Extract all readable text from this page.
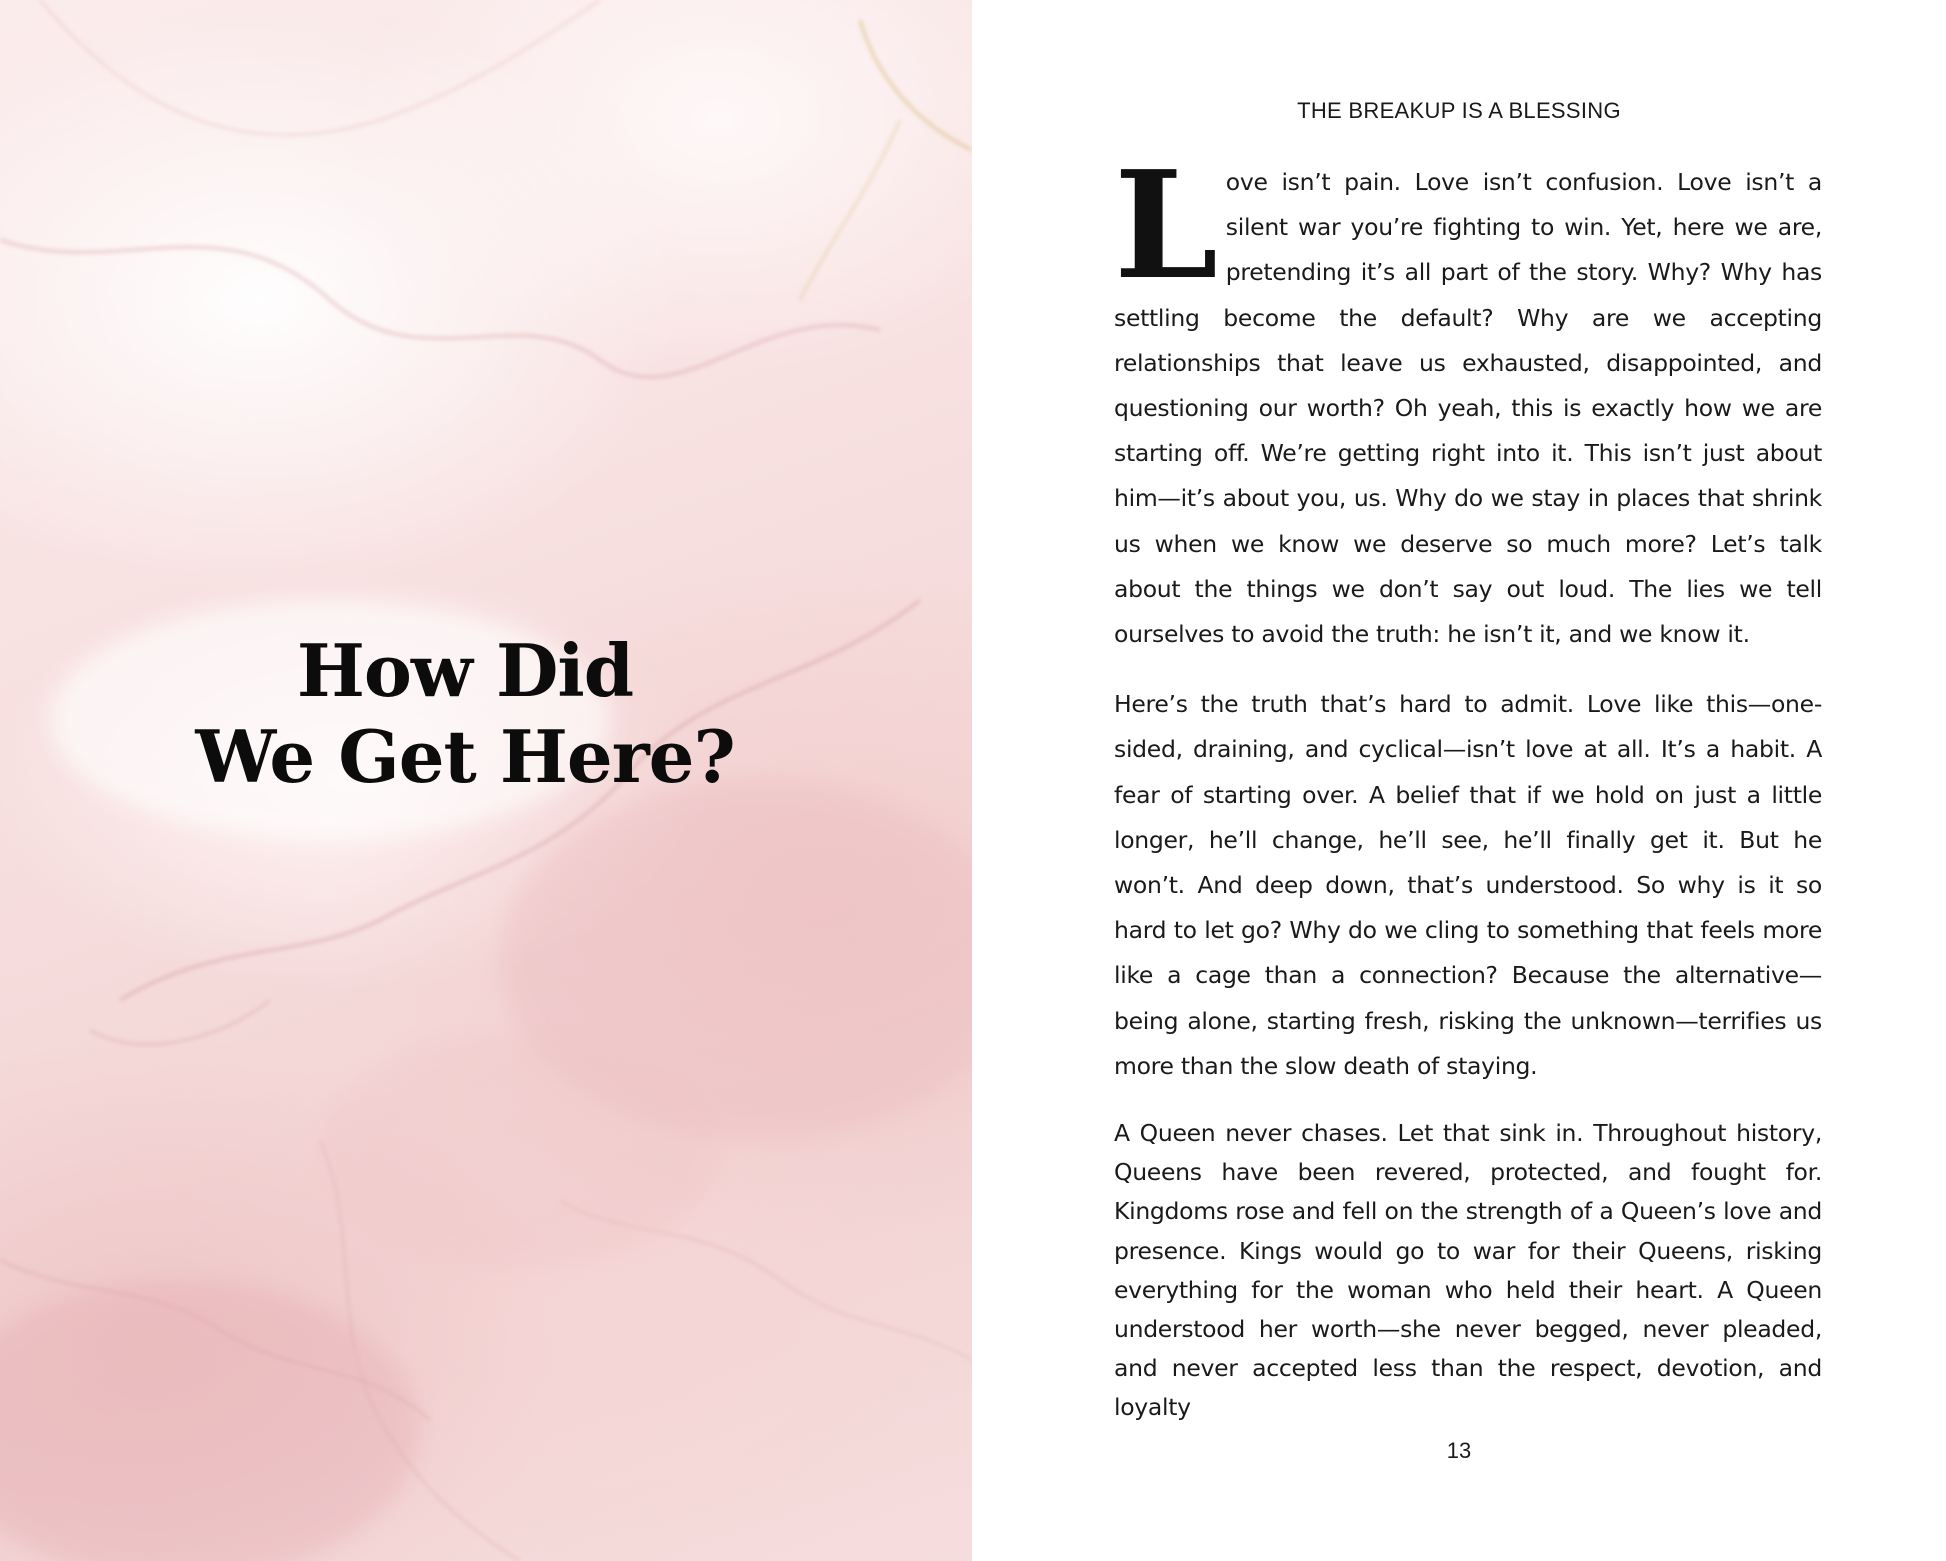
How Did
We Get Here?
THE BREAKUP IS A BLESSING

Love isn’t pain. Love isn’t confusion. Love isn’t a silent war you’re fighting to win. Yet, here we are, pretending it’s all part of the story. Why? Why has settling become the default? Why are we accepting relationships that leave us exhausted, disappointed, and questioning our worth? Oh yeah, this is exactly how we are starting off. We’re getting right into it. This isn’t just about him—it’s about you, us. Why do we stay in places that shrink us when we know we deserve so much more? Let’s talk about the things we don’t say out loud. The lies we tell ourselves to avoid the truth: he isn’t it, and we know it.

Here’s the truth that’s hard to admit. Love like this—one-sided, draining, and cyclical—isn’t love at all. It’s a habit. A fear of starting over. A belief that if we hold on just a little longer, he’ll change, he’ll see, he’ll finally get it. But he won’t. And deep down, that’s understood. So why is it so hard to let go? Why do we cling to something that feels more like a cage than a connection? Because the alternative—being alone, starting fresh, risking the unknown—terrifies us more than the slow death of staying.

A Queen never chases. Let that sink in. Throughout history, Queens have been revered, protected, and fought for. Kingdoms rose and fell on the strength of a Queen’s love and presence. Kings would go to war for their Queens, risking everything for the woman who held their heart. A Queen understood her worth—she never begged, never pleaded, and never accepted less than the respect, devotion, and loyalty

13
